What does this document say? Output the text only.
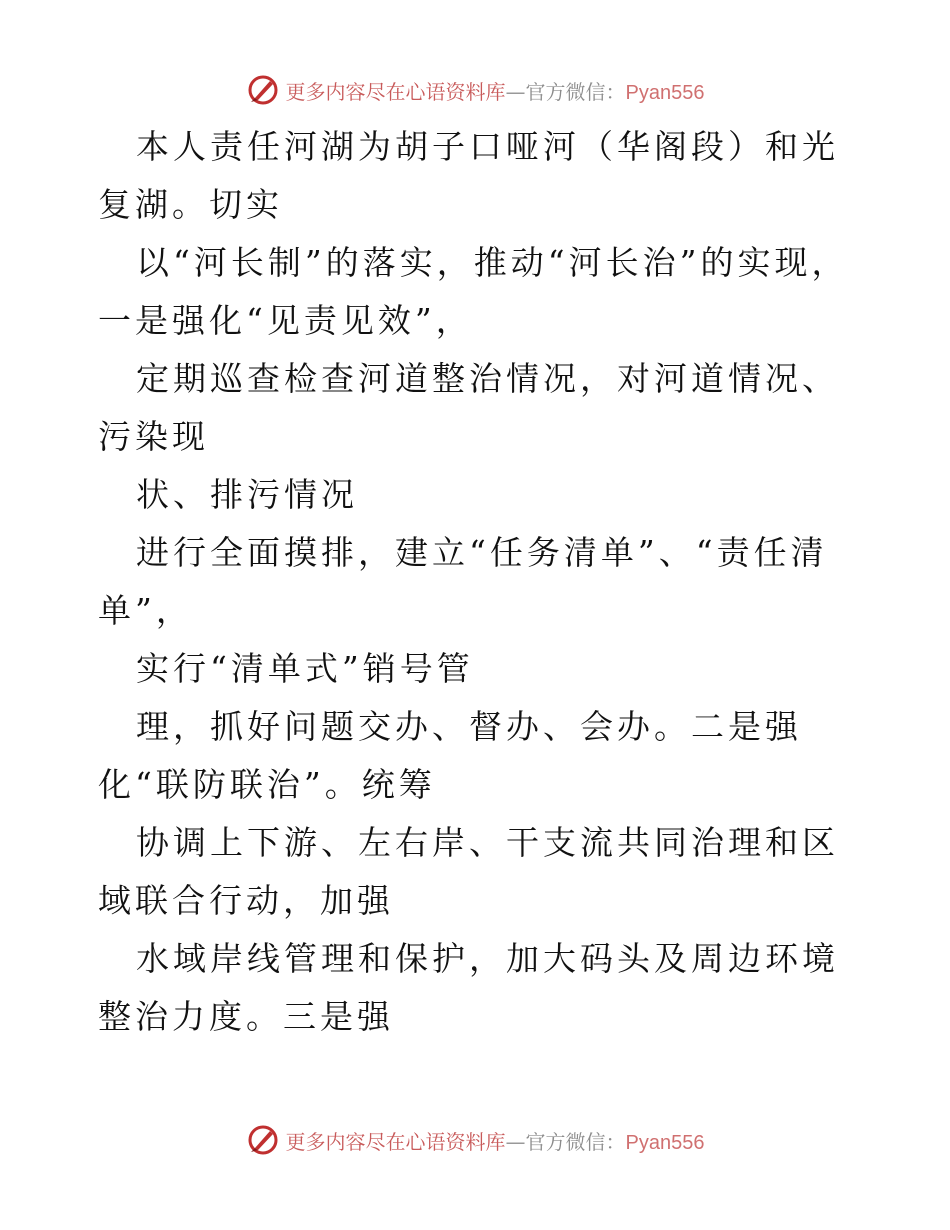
更多内容尽在心语资料库—官方微信：Pyan556

本人责任河湖为胡子口哑河（华阁段）和光复湖。切实

以“河长制”的落实，推动“河长治”的实现，一是强化“见责见效”，

定期巡查检查河道整治情况，对河道情况、污染现

状、排污情况

进行全面摸排，建立“任务清单”、“责任清单”，

实行“清单式”销号管

理，抓好问题交办、督办、会办。二是强化“联防联治”。统筹

协调上下游、左右岸、干支流共同治理和区域联合行动，加强

水域岸线管理和保护，加大码头及周边环境整治力度。三是强

更多内容尽在心语资料库—官方微信：Pyan556
